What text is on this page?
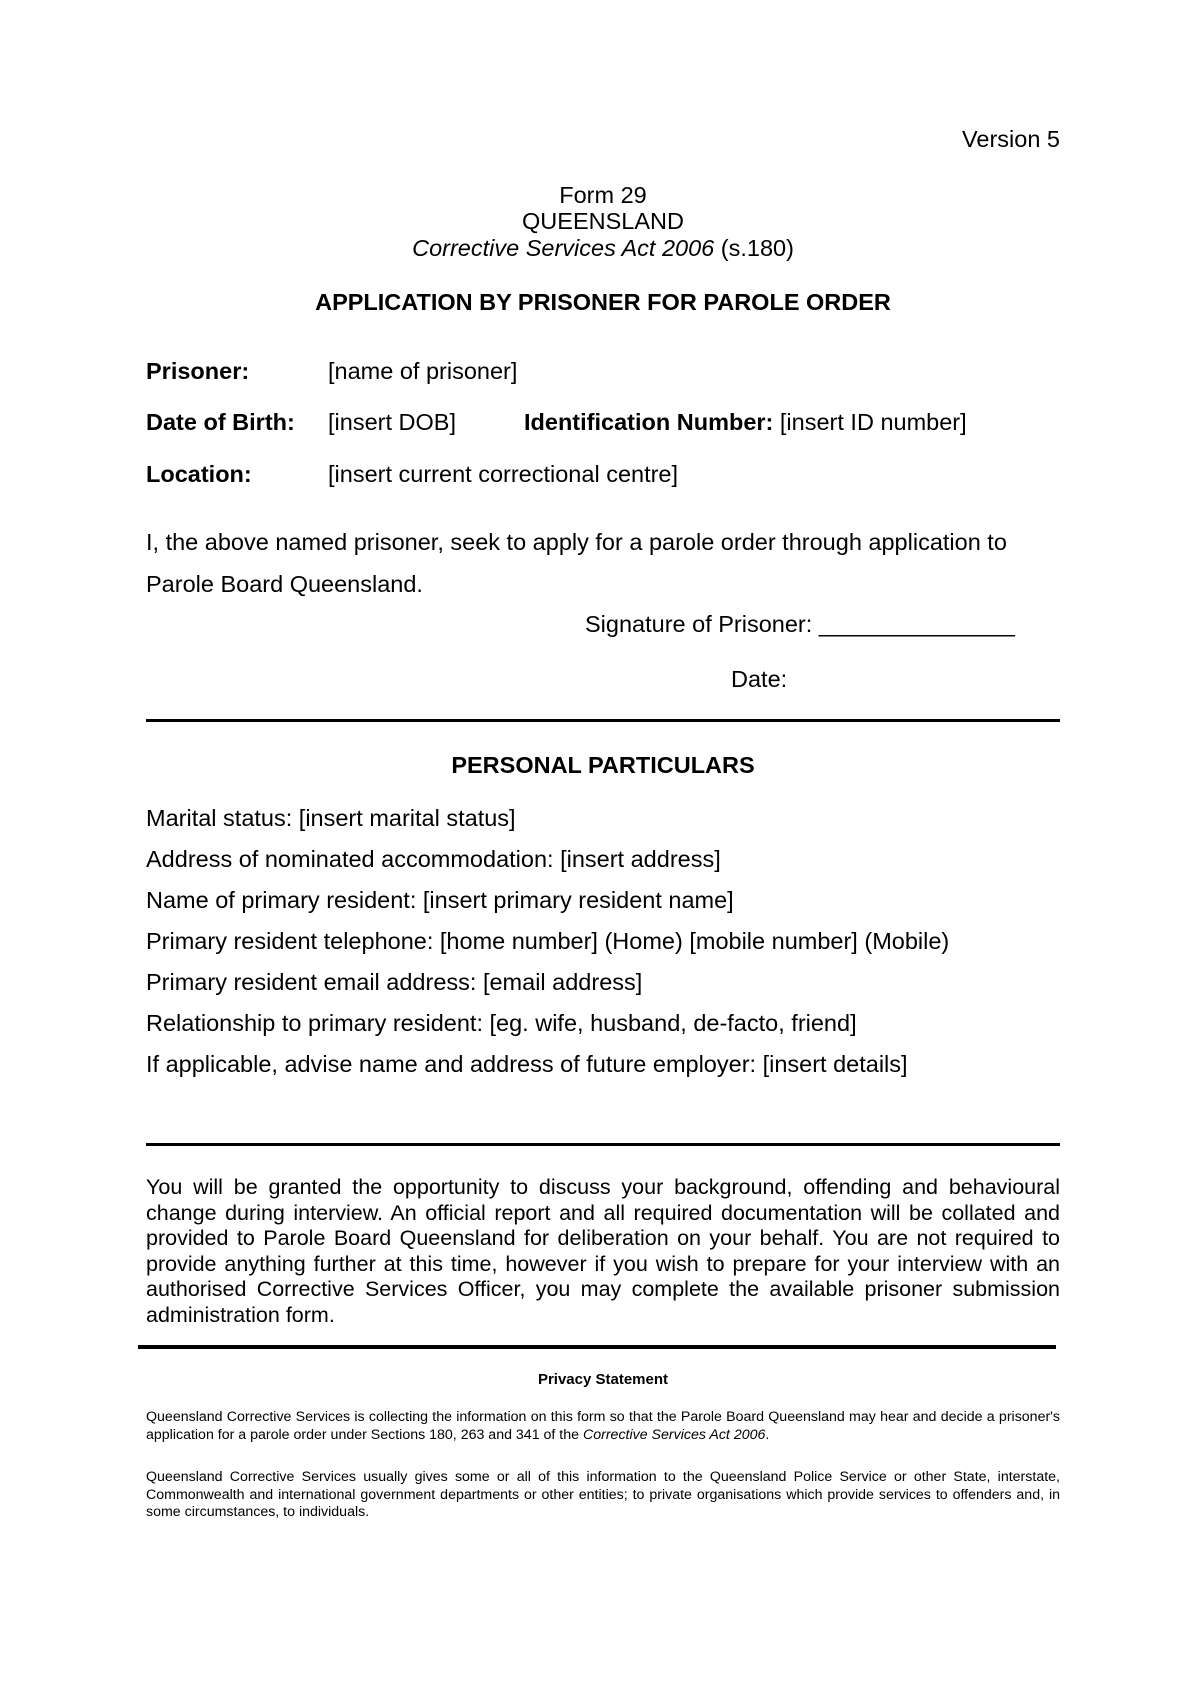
Version 5
Form 29
QUEENSLAND
Corrective Services Act 2006 (s.180)
APPLICATION BY PRISONER FOR PAROLE ORDER
Prisoner:	[name of prisoner]
Date of Birth: [insert DOB]	Identification Number: [insert ID number]
Location:	[insert current correctional centre]
I, the above named prisoner, seek to apply for a parole order through application to
Parole Board Queensland.
Signature of Prisoner: _______________
Date:
PERSONAL PARTICULARS
Marital status: [insert marital status]
Address of nominated accommodation: [insert address]
Name of primary resident: [insert primary resident name]
Primary resident telephone: [home number] (Home) [mobile number] (Mobile)
Primary resident email address: [email address]
Relationship to primary resident: [eg. wife, husband, de-facto, friend]
If applicable, advise name and address of future employer: [insert details]
You will be granted the opportunity to discuss your background, offending and behavioural change during interview. An official report and all required documentation will be collated and provided to Parole Board Queensland for deliberation on your behalf. You are not required to provide anything further at this time, however if you wish to prepare for your interview with an authorised Corrective Services Officer, you may complete the available prisoner submission administration form.
Privacy Statement
Queensland Corrective Services is collecting the information on this form so that the Parole Board Queensland may hear and decide a prisoner's application for a parole order under Sections 180, 263 and 341 of the Corrective Services Act 2006.
Queensland Corrective Services usually gives some or all of this information to the Queensland Police Service or other State, interstate, Commonwealth and international government departments or other entities; to private organisations which provide services to offenders and, in some circumstances, to individuals.
